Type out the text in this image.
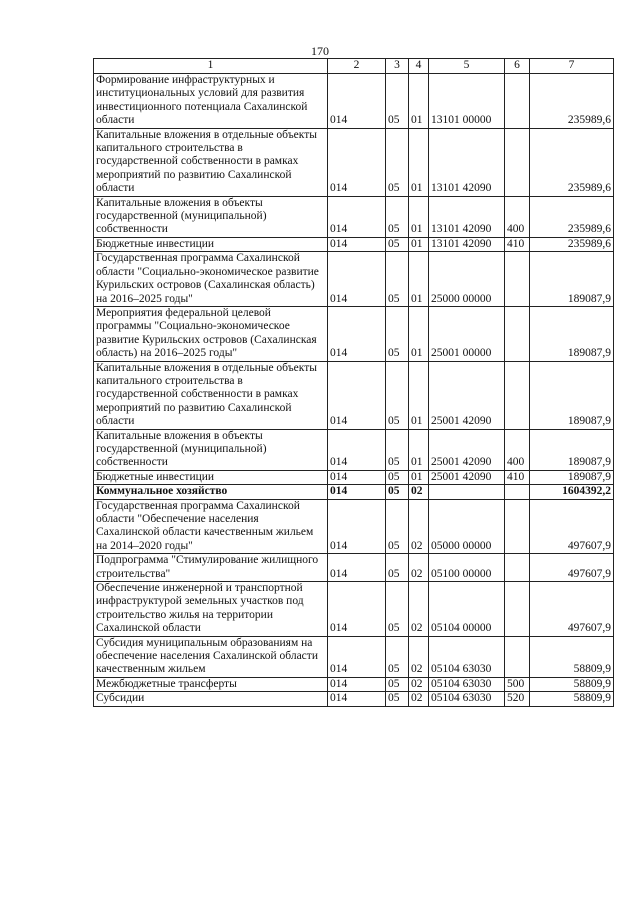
170
1	2	3	4	5	6	7
Формирование инфраструктурных и институциональных условий для развития инвестиционного потенциала Сахалинской области	014	05	01	13101 00000		235989,6
Капитальные вложения в отдельные объекты капитального строительства в государственной собственности в рамках мероприятий по развитию Сахалинской области	014	05	01	13101 42090		235989,6
Капитальные вложения в объекты государственной (муниципальной) собственности	014	05	01	13101 42090	400	235989,6
Бюджетные инвестиции	014	05	01	13101 42090	410	235989,6
Государственная программа Сахалинской области "Социально-экономическое развитие Курильских островов (Сахалинская область) на 2016–2025 годы"	014	05	01	25000 00000		189087,9
Мероприятия федеральной целевой программы "Социально-экономическое развитие Курильских островов (Сахалинская область) на 2016–2025 годы"	014	05	01	25001 00000		189087,9
Капитальные вложения в отдельные объекты капитального строительства в государственной собственности в рамках мероприятий по развитию Сахалинской области	014	05	01	25001 42090		189087,9
Капитальные вложения в объекты государственной (муниципальной) собственности	014	05	01	25001 42090	400	189087,9
Бюджетные инвестиции	014	05	01	25001 42090	410	189087,9
Коммунальное хозяйство	014	05	02			1604392,2
Государственная программа Сахалинской области "Обеспечение населения Сахалинской области качественным жильем на 2014–2020 годы"	014	05	02	05000 00000		497607,9
Подпрограмма "Стимулирование жилищного строительства"	014	05	02	05100 00000		497607,9
Обеспечение инженерной и транспортной инфраструктурой земельных участков под строительство жилья на территории Сахалинской области	014	05	02	05104 00000		497607,9
Субсидия муниципальным образованиям на обеспечение населения Сахалинской области качественным жильем	014	05	02	05104 63030		58809,9
Межбюджетные трансферты	014	05	02	05104 63030	500	58809,9
Субсидии	014	05	02	05104 63030	520	58809,9
